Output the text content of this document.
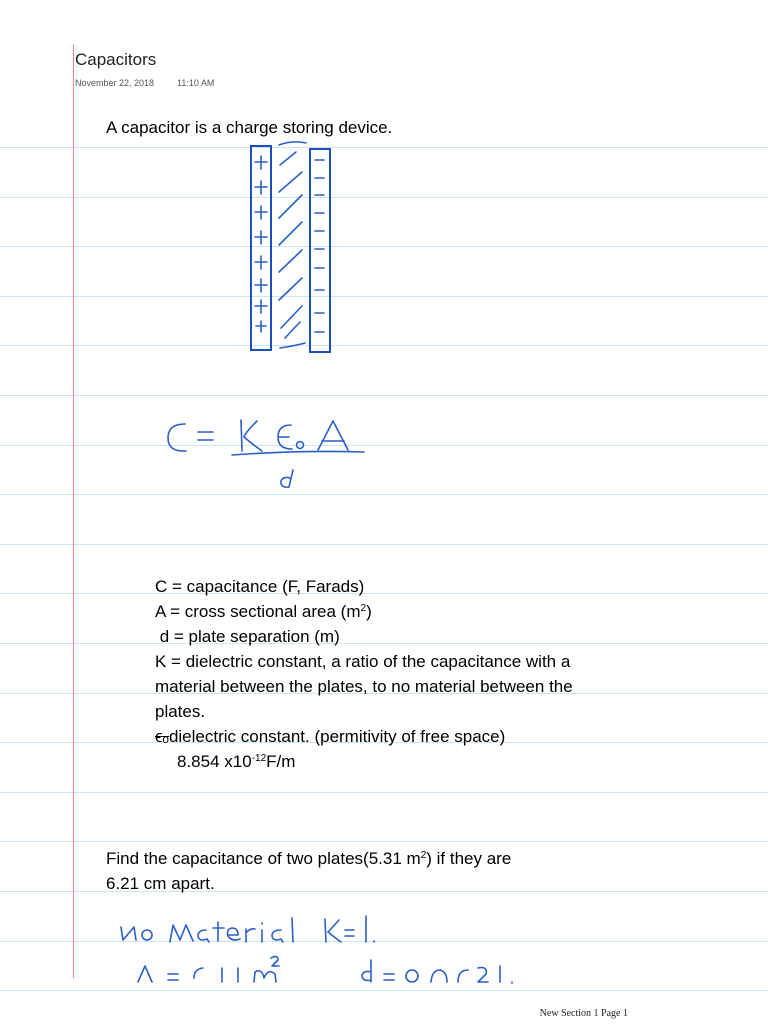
Capacitors
November 22, 2018	11:10 AM
A capacitor is a charge storing device.
C = capacitance (F, Farads)
A = cross sectional area $(m^2)$
d = plate separation (m)
K = dielectric constant, a ratio of the capacitance with a
material between the plates, to no material between the
plates.
ϵₒdielectric constant. (permitivity of free space)
8.854 $x10^{-12}F/m$
Find the capacitance of two plates(5.31 $m^2$) if they are
6.21 cm apart.
New Section 1 Page 1
